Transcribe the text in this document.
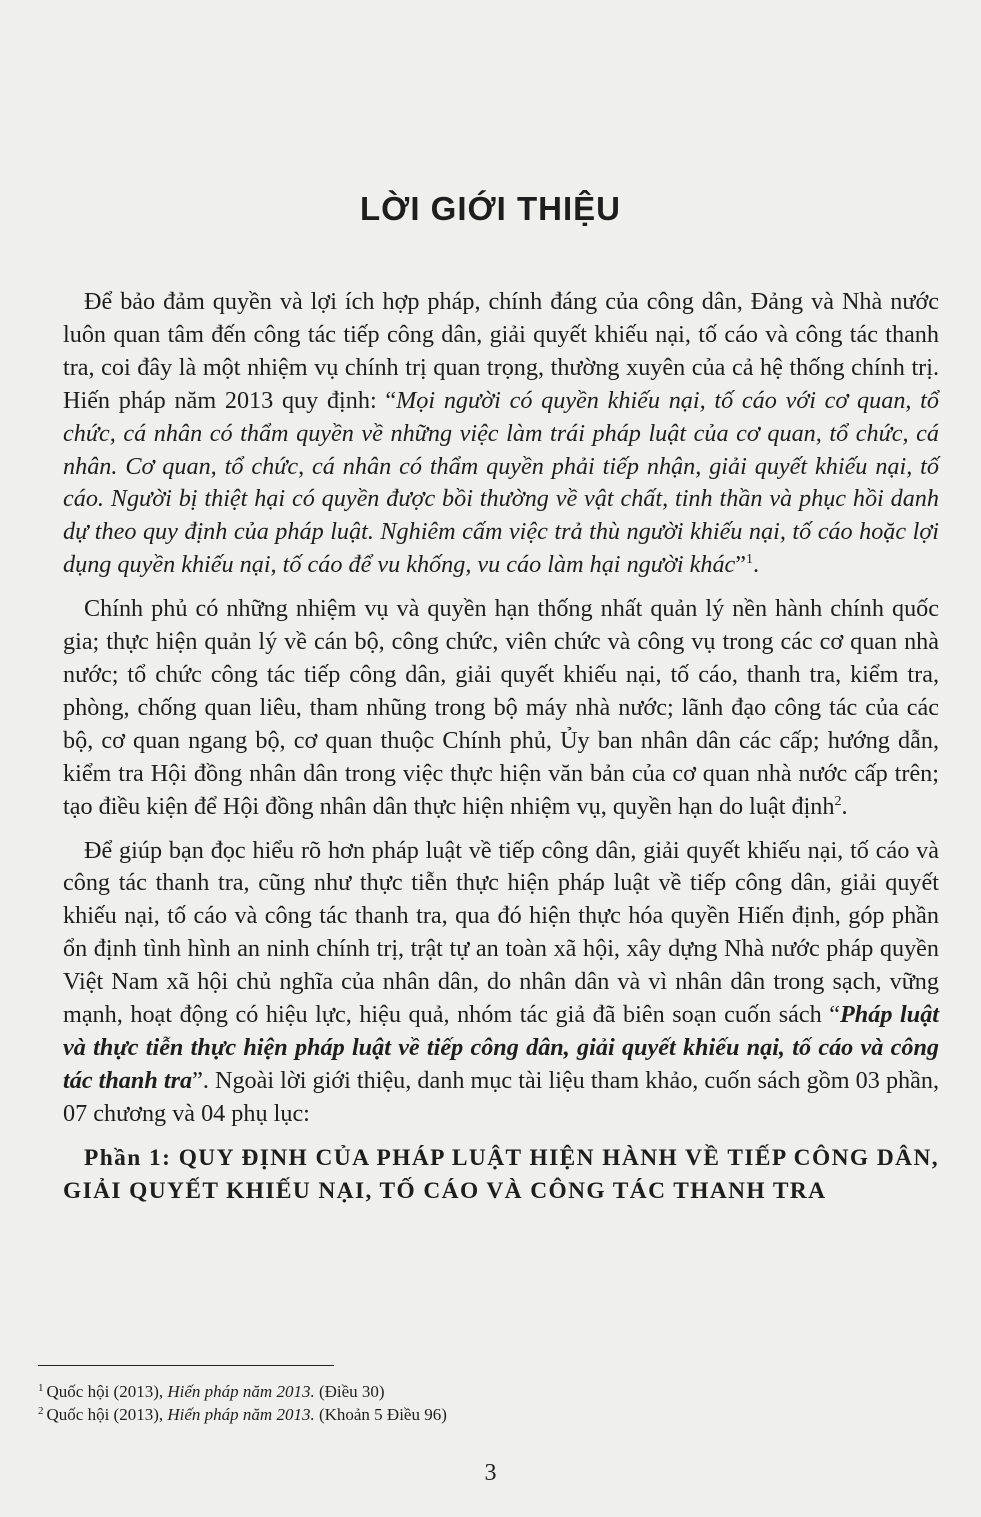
LỜI GIỚI THIỆU

Để bảo đảm quyền và lợi ích hợp pháp, chính đáng của công dân, Đảng và Nhà nước luôn quan tâm đến công tác tiếp công dân, giải quyết khiếu nại, tố cáo và công tác thanh tra, coi đây là một nhiệm vụ chính trị quan trọng, thường xuyên của cả hệ thống chính trị. Hiến pháp năm 2013 quy định: “Mọi người có quyền khiếu nại, tố cáo với cơ quan, tổ chức, cá nhân có thẩm quyền về những việc làm trái pháp luật của cơ quan, tổ chức, cá nhân. Cơ quan, tổ chức, cá nhân có thẩm quyền phải tiếp nhận, giải quyết khiếu nại, tố cáo. Người bị thiệt hại có quyền được bồi thường về vật chất, tinh thần và phục hồi danh dự theo quy định của pháp luật. Nghiêm cấm việc trả thù người khiếu nại, tố cáo hoặc lợi dụng quyền khiếu nại, tố cáo để vu khống, vu cáo làm hại người khác”$^1$.

Chính phủ có những nhiệm vụ và quyền hạn thống nhất quản lý nền hành chính quốc gia; thực hiện quản lý về cán bộ, công chức, viên chức và công vụ trong các cơ quan nhà nước; tổ chức công tác tiếp công dân, giải quyết khiếu nại, tố cáo, thanh tra, kiểm tra, phòng, chống quan liêu, tham nhũng trong bộ máy nhà nước; lãnh đạo công tác của các bộ, cơ quan ngang bộ, cơ quan thuộc Chính phủ, Ủy ban nhân dân các cấp; hướng dẫn, kiểm tra Hội đồng nhân dân trong việc thực hiện văn bản của cơ quan nhà nước cấp trên; tạo điều kiện để Hội đồng nhân dân thực hiện nhiệm vụ, quyền hạn do luật định$^2$.

Để giúp bạn đọc hiểu rõ hơn pháp luật về tiếp công dân, giải quyết khiếu nại, tố cáo và công tác thanh tra, cũng như thực tiễn thực hiện pháp luật về tiếp công dân, giải quyết khiếu nại, tố cáo và công tác thanh tra, qua đó hiện thực hóa quyền Hiến định, góp phần ổn định tình hình an ninh chính trị, trật tự an toàn xã hội, xây dựng Nhà nước pháp quyền Việt Nam xã hội chủ nghĩa của nhân dân, do nhân dân và vì nhân dân trong sạch, vững mạnh, hoạt động có hiệu lực, hiệu quả, nhóm tác giả đã biên soạn cuốn sách “Pháp luật và thực tiễn thực hiện pháp luật về tiếp công dân, giải quyết khiếu nại, tố cáo và công tác thanh tra”. Ngoài lời giới thiệu, danh mục tài liệu tham khảo, cuốn sách gồm 03 phần, 07 chương và 04 phụ lục:

Phần 1: QUY ĐỊNH CỦA PHÁP LUẬT HIỆN HÀNH VỀ TIẾP CÔNG DÂN, GIẢI QUYẾT KHIẾU NẠI, TỐ CÁO VÀ CÔNG TÁC THANH TRA

$^1$ Quốc hội (2013), Hiến pháp năm 2013. (Điều 30)
$^2$ Quốc hội (2013), Hiến pháp năm 2013. (Khoản 5 Điều 96)
3
